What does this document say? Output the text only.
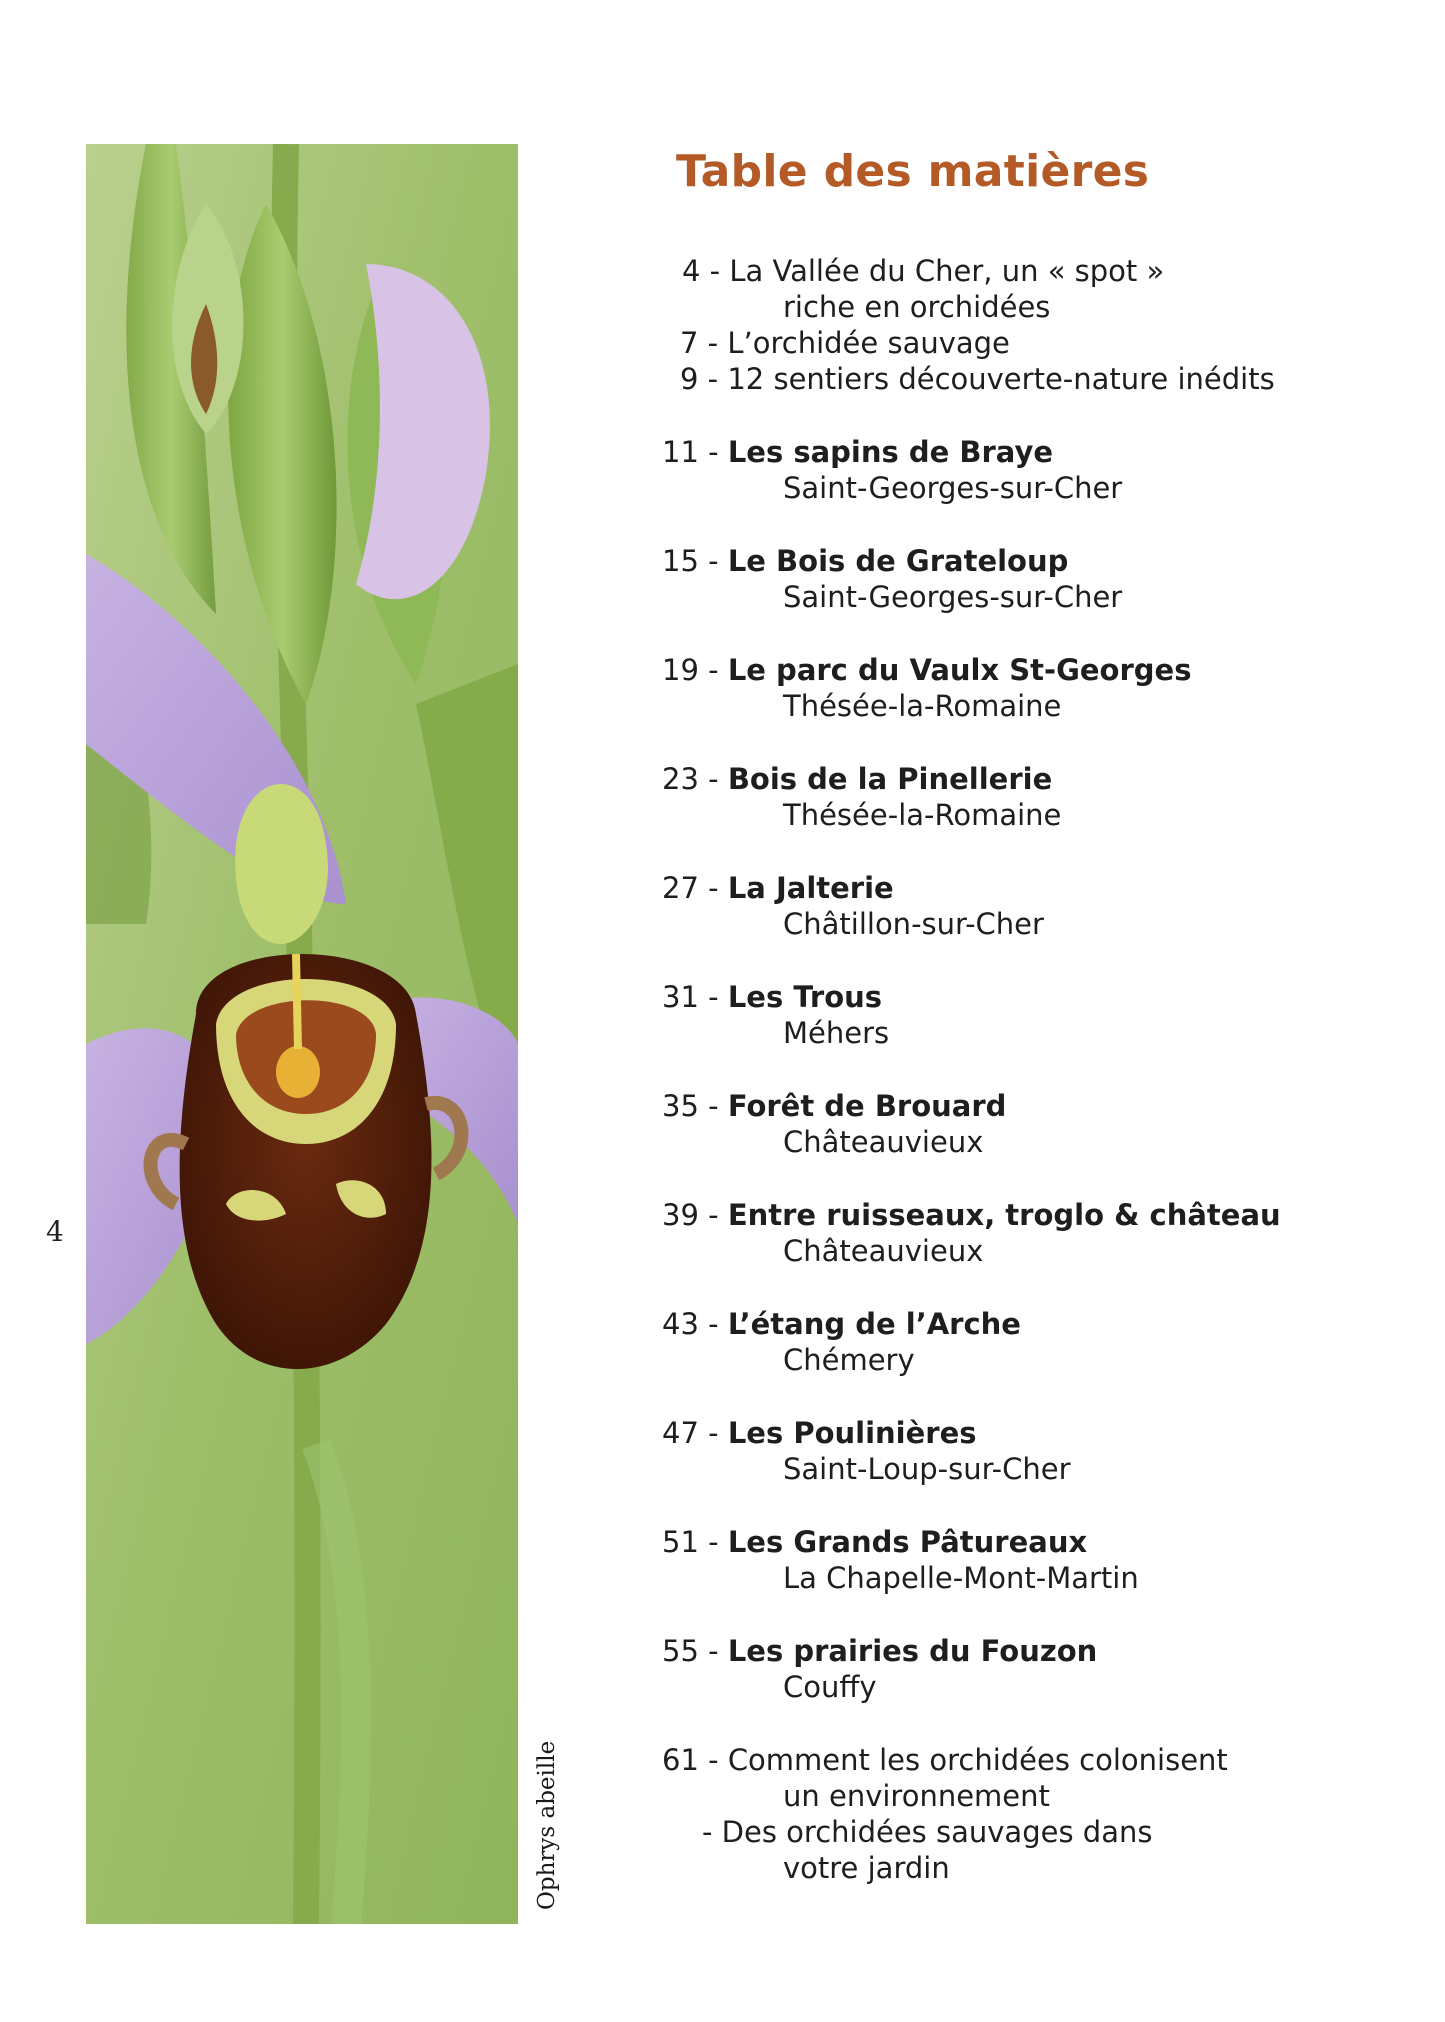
Ophrys abeille
4
Table des matières
4 - La Vallée du Cher, un « spot »
riche en orchidées
7 - L’orchidée sauvage
9 - 12 sentiers découverte-nature inédits
11 - Les sapins de Braye
Saint-Georges-sur-Cher
15 - Le Bois de Grateloup
Saint-Georges-sur-Cher
19 - Le parc du Vaulx St-Georges
Thésée-la-Romaine
23 - Bois de la Pinellerie
Thésée-la-Romaine
27 - La Jalterie
Châtillon-sur-Cher
31 - Les Trous
Méhers
35 - Forêt de Brouard
Châteauvieux
39 - Entre ruisseaux, troglo & château
Châteauvieux
43 - L’étang de l’Arche
Chémery
47 - Les Poulinières
Saint-Loup-sur-Cher
51 - Les Grands Pâtureaux
La Chapelle-Mont-Martin
55 - Les prairies du Fouzon
Couffy
61 - Comment les orchidées colonisent
un environnement
- Des orchidées sauvages dans
votre jardin
